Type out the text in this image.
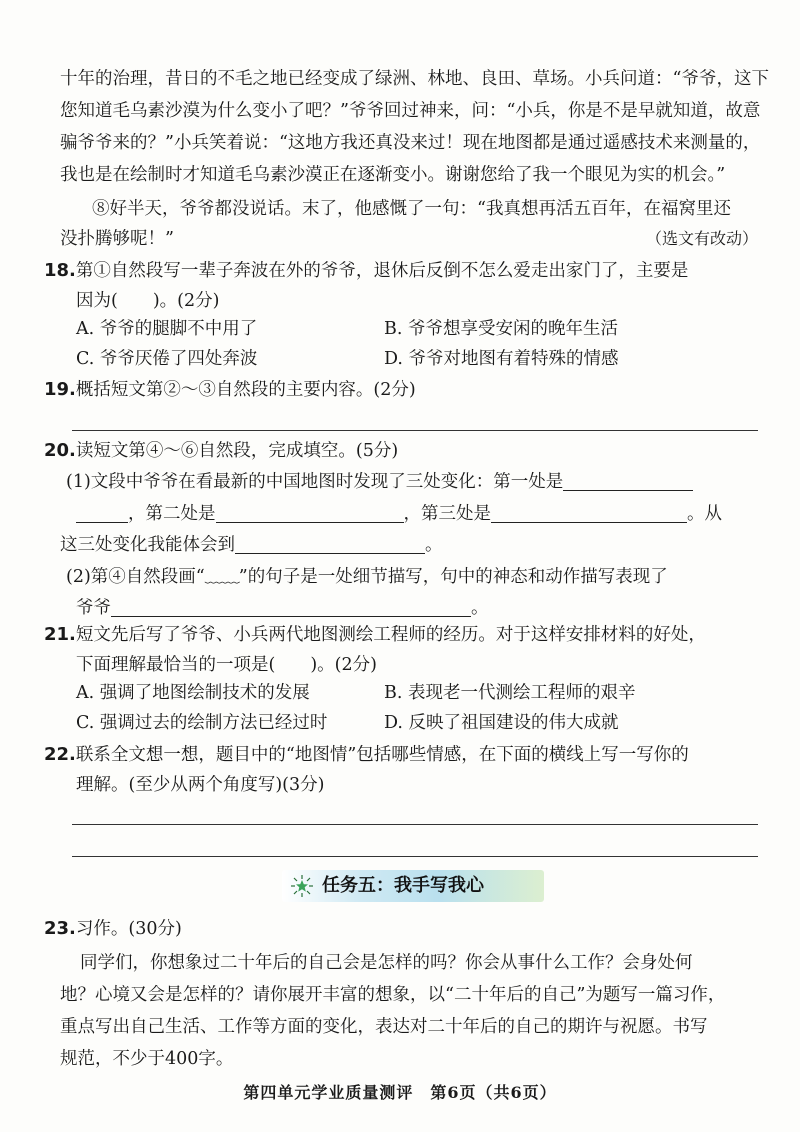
十年的治理，昔日的不毛之地已经变成了绿洲、林地、良田、草场。小兵问道：“爷爷，这下
您知道毛乌素沙漠为什么变小了吧？”爷爷回过神来，问：“小兵，你是不是早就知道，故意
骗爷爷来的？”小兵笑着说：“这地方我还真没来过！现在地图都是通过遥感技术来测量的，
我也是在绘制时才知道毛乌素沙漠正在逐渐变小。谢谢您给了我一个眼见为实的机会。”
⑧好半天，爷爷都没说话。末了，他感慨了一句：“我真想再活五百年，在福窝里还
没扑腾够呢！”	（选文有改动）
18.第①自然段写一辈子奔波在外的爷爷，退休后反倒不怎么爱走出家门了，主要是
因为(　　)。(2分)
A. 爷爷的腿脚不中用了	B. 爷爷想享受安闲的晚年生活
C. 爷爷厌倦了四处奔波	D. 爷爷对地图有着特殊的情感
19.概括短文第②～③自然段的主要内容。(2分)
20.读短文第④～⑥自然段，完成填空。(5分)
(1)文段中爷爷在看最新的中国地图时发现了三处变化：第一处是
，第二处是	，第三处是	。从
这三处变化我能体会到	。
(2)第④自然段画“﹏﹏”的句子是一处细节描写，句中的神态和动作描写表现了
爷爷	。
21.短文先后写了爷爷、小兵两代地图测绘工程师的经历。对于这样安排材料的好处，
下面理解最恰当的一项是(　　)。(2分)
A. 强调了地图绘制技术的发展	B. 表现老一代测绘工程师的艰辛
C. 强调过去的绘制方法已经过时	D. 反映了祖国建设的伟大成就
22.联系全文想一想，题目中的“地图情”包括哪些情感，在下面的横线上写一写你的
理解。(至少从两个角度写)(3分)
任务五：我手写我心
23.习作。(30分)
同学们，你想象过二十年后的自己会是怎样的吗？你会从事什么工作？会身处何
地？心境又会是怎样的？请你展开丰富的想象，以“二十年后的自己”为题写一篇习作，
重点写出自己生活、工作等方面的变化，表达对二十年后的自己的期许与祝愿。书写
规范，不少于400字。
第四单元学业质量测评　第6页（共6页）
